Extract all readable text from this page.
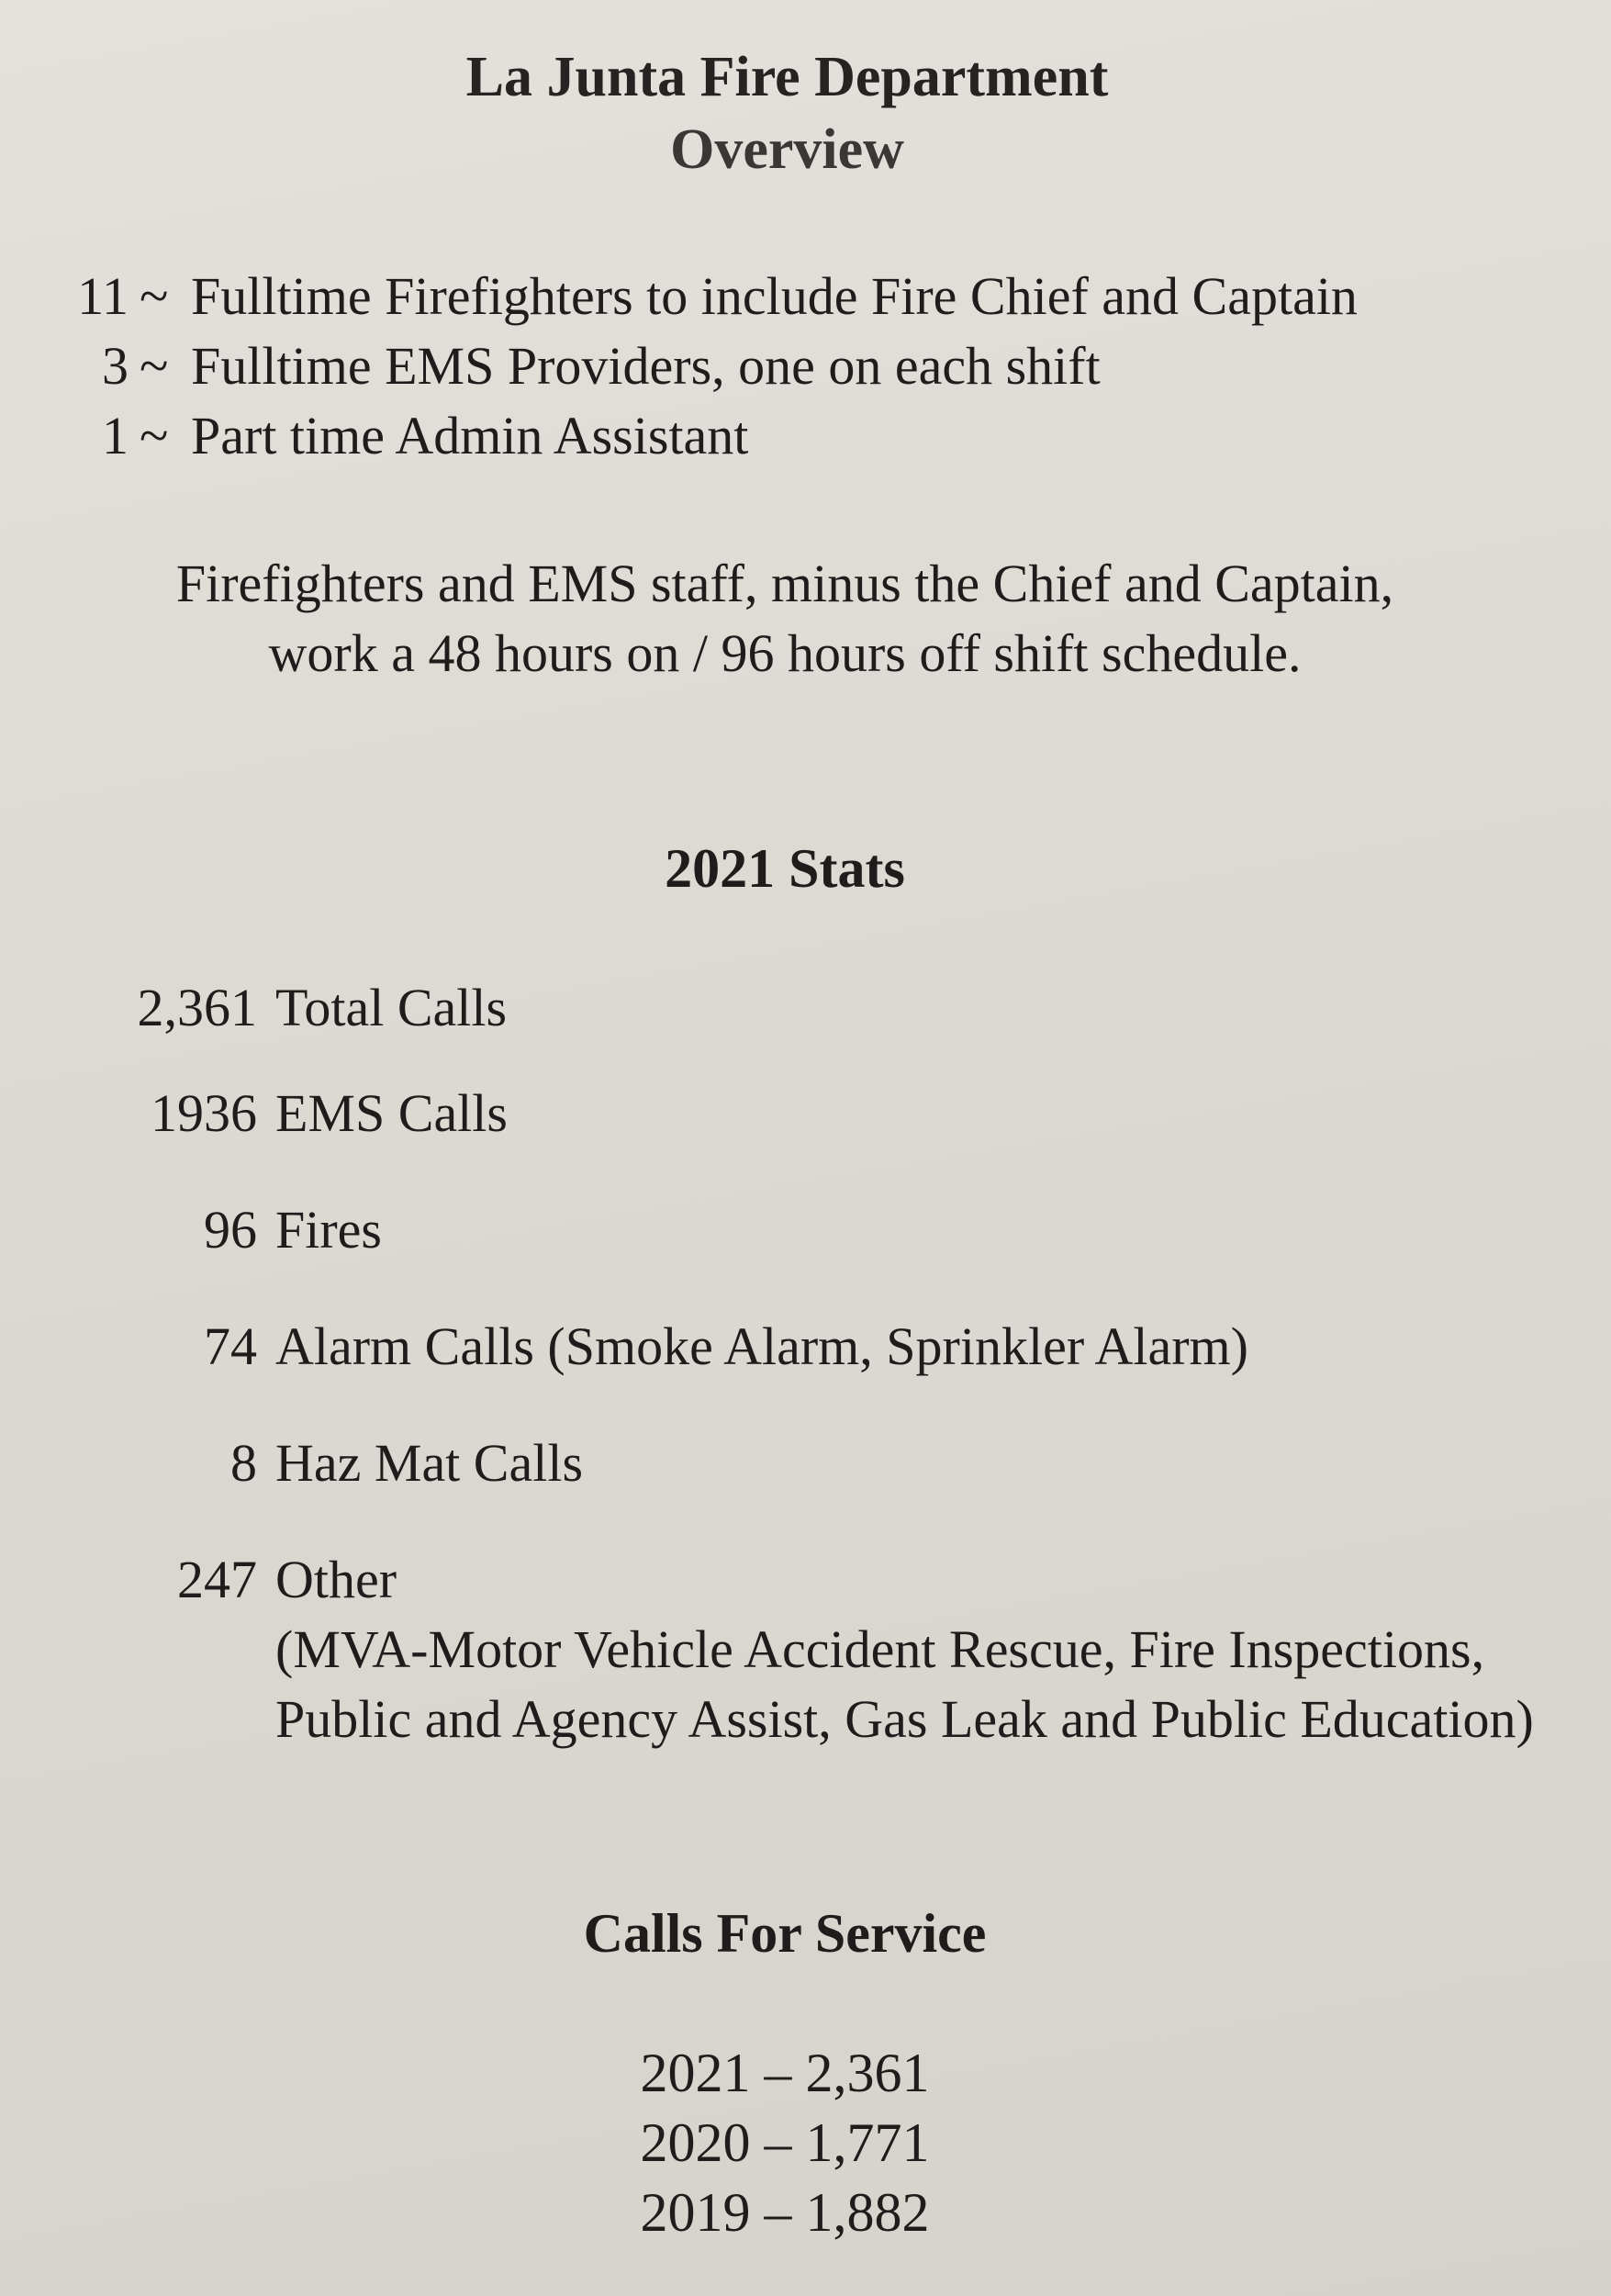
La Junta Fire Department
Overview
11 ~ Fulltime Firefighters to include Fire Chief and Captain
3 ~ Fulltime EMS Providers, one on each shift
1 ~ Part time Admin Assistant
Firefighters and EMS staff, minus the Chief and Captain,
work a 48 hours on / 96 hours off shift schedule.
2021 Stats
2,361 Total Calls
1936 EMS Calls
96 Fires
74 Alarm Calls (Smoke Alarm, Sprinkler Alarm)
8 Haz Mat Calls
247 Other
(MVA-Motor Vehicle Accident Rescue, Fire Inspections, Public and Agency Assist, Gas Leak and Public Education)
Calls For Service
2021 – 2,361
2020 – 1,771
2019 – 1,882
